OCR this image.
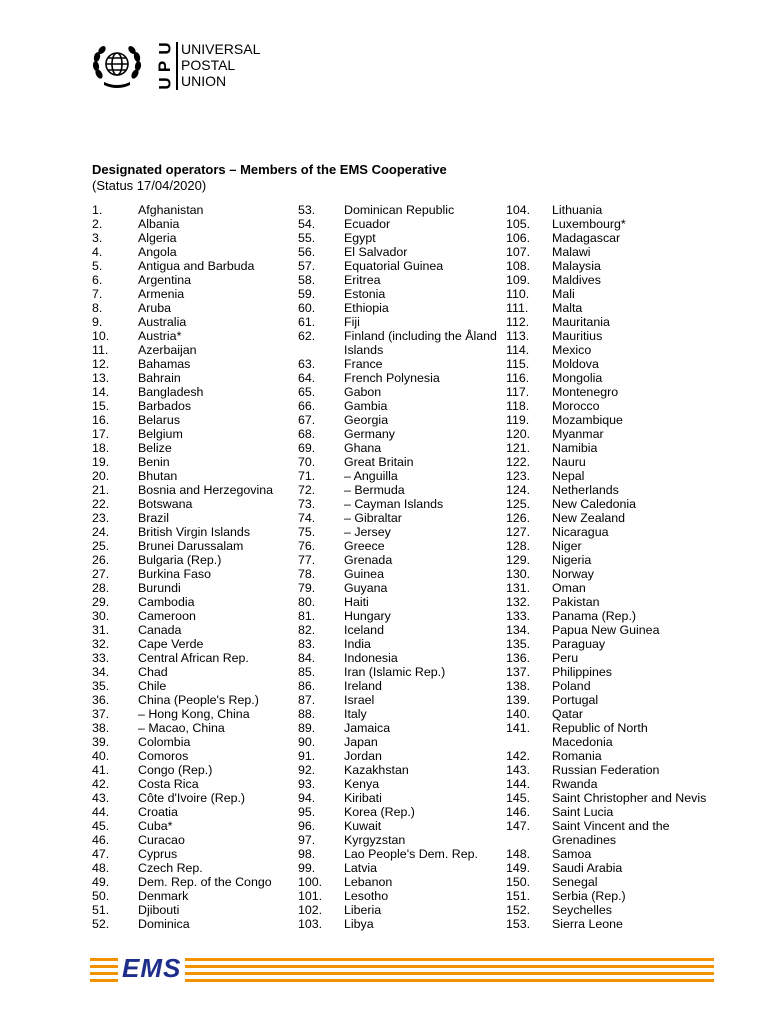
U
P
U
UNIVERSAL
POSTAL
UNION
Designated operators – Members of the EMS Cooperative
(Status 17/04/2020)
1.	Afghanistan
2.	Albania
3.	Algeria
4.	Angola
5.	Antigua and Barbuda
6.	Argentina
7.	Armenia
8.	Aruba
9.	Australia
10. Austria*
11. Azerbaijan
12. Bahamas
13. Bahrain
14. Bangladesh
15. Barbados
16. Belarus
17. Belgium
18. Belize
19. Benin
20. Bhutan
21. Bosnia and Herzegovina
22. Botswana
23. Brazil
24. British Virgin Islands
25. Brunei Darussalam
26. Bulgaria (Rep.)
27. Burkina Faso
28. Burundi
29. Cambodia
30. Cameroon
31. Canada
32. Cape Verde
33. Central African Rep.
34. Chad
35. Chile
36. China (People's Rep.)
37. – Hong Kong, China
38. – Macao, China
39. Colombia
40. Comoros
41. Congo (Rep.)
42. Costa Rica
43. Côte d'Ivoire (Rep.)
44. Croatia
45. Cuba*
46. Curacao
47. Cyprus
48. Czech Rep.
49. Dem. Rep. of the Congo
50. Denmark
51. Djibouti
52. Dominica
53. Dominican Republic
54. Ecuador
55. Egypt
56. El Salvador
57. Equatorial Guinea
58. Eritrea
59. Estonia
60. Ethiopia
61. Fiji
62. Finland (including the Åland
Islands
63. France
64. French Polynesia
65. Gabon
66. Gambia
67. Georgia
68. Germany
69. Ghana
70. Great Britain
71. – Anguilla
72. – Bermuda
73. – Cayman Islands
74. – Gibraltar
75. – Jersey
76. Greece
77. Grenada
78. Guinea
79. Guyana
80. Haiti
81. Hungary
82. Iceland
83. India
84. Indonesia
85. Iran (Islamic Rep.)
86. Ireland
87. Israel
88. Italy
89. Jamaica
90. Japan
91. Jordan
92. Kazakhstan
93. Kenya
94. Kiribati
95. Korea (Rep.)
96. Kuwait
97. Kyrgyzstan
98. Lao People's Dem. Rep.
99. Latvia
100. Lebanon
101. Lesotho
102. Liberia
103. Libya
104. Lithuania
105. Luxembourg*
106. Madagascar
107. Malawi
108. Malaysia
109. Maldives
110. Mali
111. Malta
112. Mauritania
113. Mauritius
114. Mexico
115. Moldova
116. Mongolia
117. Montenegro
118. Morocco
119. Mozambique
120. Myanmar
121. Namibia
122. Nauru
123. Nepal
124. Netherlands
125. New Caledonia
126. New Zealand
127. Nicaragua
128. Niger
129. Nigeria
130. Norway
131. Oman
132. Pakistan
133. Panama (Rep.)
134. Papua New Guinea
135. Paraguay
136. Peru
137. Philippines
138. Poland
139. Portugal
140. Qatar
141. Republic of North
Macedonia
142. Romania
143. Russian Federation
144. Rwanda
145. Saint Christopher and Nevis
146. Saint Lucia
147. Saint Vincent and the
Grenadines
148. Samoa
149. Saudi Arabia
150. Senegal
151. Serbia (Rep.)
152. Seychelles
153. Sierra Leone
EMS
